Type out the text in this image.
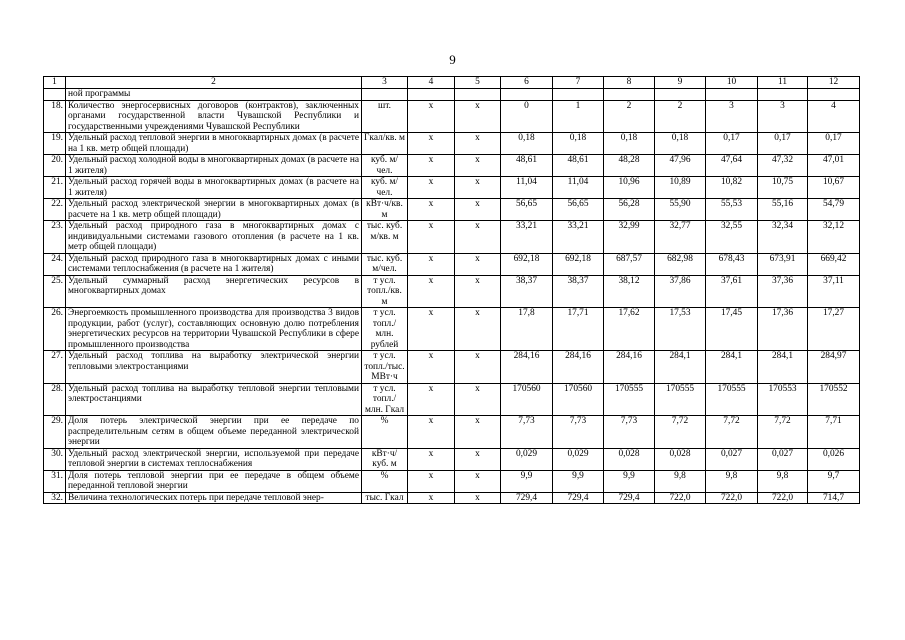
9
1	2	3	4	5	6	7	8	9	10	11	12
	ной программы										
18.	Количество энергосервисных договоров (контрактов), заключенных органами государственной власти Чувашской Республики и государственными учреждениями Чувашской Республики	шт.	x	x	0	1	2	2	3	3	4
19.	Удельный расход тепловой энергии в многоквартирных домах (в расчете на 1 кв. метр общей площади)	Гкал/кв. м	x	x	0,18	0,18	0,18	0,18	0,17	0,17	0,17
20.	Удельный расход холодной воды в многоквартирных домах (в расчете на 1 жителя)	куб. м/чел.	x	x	48,61	48,61	48,28	47,96	47,64	47,32	47,01
21.	Удельный расход горячей воды в многоквартирных домах (в расчете на 1 жителя)	куб. м/чел.	x	x	11,04	11,04	10,96	10,89	10,82	10,75	10,67
22.	Удельный расход электрической энергии в многоквартирных домах (в расчете на 1 кв. метр общей площади)	кВт·ч/кв. м	x	x	56,65	56,65	56,28	55,90	55,53	55,16	54,79
23.	Удельный расход природного газа в многоквартирных домах с индивидуальными системами газового отопления (в расчете на 1 кв. метр общей площади)	тыс. куб. м/кв. м	x	x	33,21	33,21	32,99	32,77	32,55	32,34	32,12
24.	Удельный расход природного газа в многоквартирных домах с иными системами теплоснабжения (в расчете на 1 жителя)	тыс. куб. м/чел.	x	x	692,18	692,18	687,57	682,98	678,43	673,91	669,42
25.	Удельный суммарный расход энергетических ресурсов в многоквартирных домах	т усл. топл./кв. м	x	x	38,37	38,37	38,12	37,86	37,61	37,36	37,11
26.	Энергоемкость промышленного производства для производства 3 видов продукции, работ (услуг), составляющих основную долю потребления энергетических ресурсов на территории Чувашской Республики в сфере промышленного производства	т усл. топл./млн. рублей	x	x	17,8	17,71	17,62	17,53	17,45	17,36	17,27
27.	Удельный расход топлива на выработку электрической энергии тепловыми электростанциями	т усл. топл./тыс. МВт·ч	x	x	284,16	284,16	284,16	284,1	284,1	284,1	284,97
28.	Удельный расход топлива на выработку тепловой энергии тепловыми электростанциями	т усл. топл./млн. Гкал	x	x	170560	170560	170555	170555	170555	170553	170552
29.	Доля потерь электрической энергии при ее передаче по распределительным сетям в общем объеме переданной электрической энергии	%	x	x	7,73	7,73	7,73	7,72	7,72	7,72	7,71
30.	Удельный расход электрической энергии, используемой при передаче тепловой энергии в системах теплоснабжения	кВт·ч/куб. м	x	x	0,029	0,029	0,028	0,028	0,027	0,027	0,026
31.	Доля потерь тепловой энергии при ее передаче в общем объеме переданной тепловой энергии	%	x	x	9,9	9,9	9,9	9,8	9,8	9,8	9,7
32.	Величина технологических потерь при передаче тепловой энер-	тыс. Гкал	x	x	729,4	729,4	729,4	722,0	722,0	722,0	714,7
